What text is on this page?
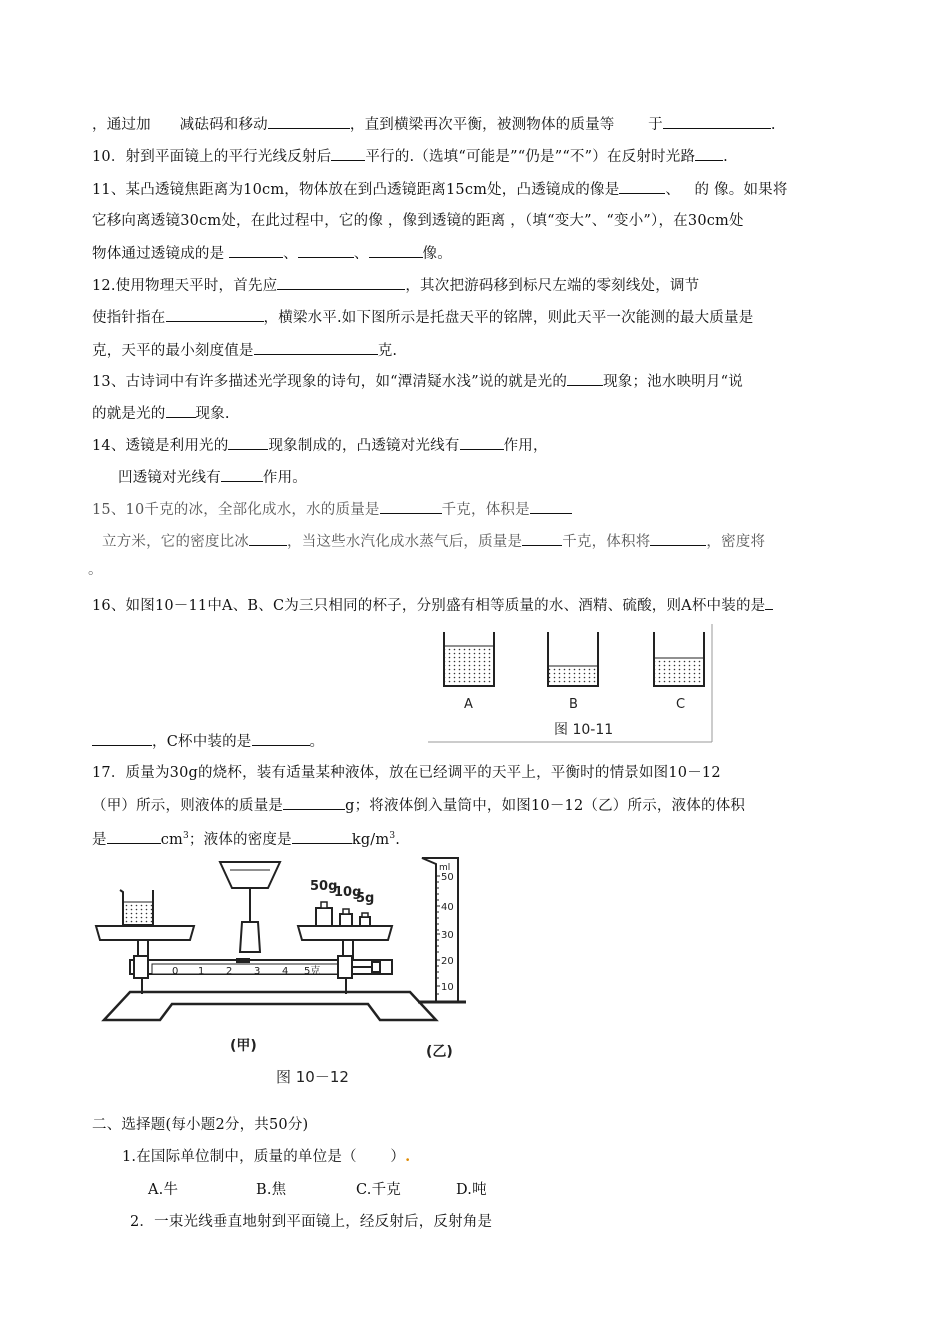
，通过加 减砝码和移动	，直到横梁再次平衡，被测物体的质量等 于	.
10．射到平面镜上的平行光线反射后 平行的.（选填“可能是”“仍是”“不”）在反射时光路 .
11、某凸透镜焦距离为10cm，物体放在到凸透镜距离15cm处，凸透镜成的像是	、 的 像。如果将
它移向离透镜30cm处，在此过程中，它的像 ，像到透镜的距离 ，（填“变大”、“变小”），在30cm处
物体通过透镜成的是	、	、	像。
12.使用物理天平时，首先应	，其次把游码移到标尺左端的零刻线处，调节
使指针指在	，横梁水平.如下图所示是托盘天平的铭牌，则此天平一次能测的最大质量是
克，天平的最小刻度值是	克.
13、古诗词中有许多描述光学现象的诗句，如“潭清疑水浅”说的就是光的 现象；池水映明月“说
的就是光的 现象.
14、透镜是利用光的	现象制成的，凸透镜对光线有	作用，
凹透镜对光线有	作用。
15、10千克的冰，全部化成水，水的质量是	千克，体积是
立方米，它的密度比冰	，当这些水汽化成水蒸气后，质量是	千克，体积将	，密度将
。
16、如图10－11中A、B、C为三只相同的杯子，分别盛有相等质量的水、酒精、硫酸，则A杯中装的是
A	B	C
图 10-11
，C杯中装的是	。
17．质量为30g的烧杯，装有适量某种液体，放在已经调平的天平上，平衡时的情景如图10－12
（甲）所示，则液体的质量是	g；将液体倒入量筒中，如图10－12（乙）所示，液体的体积
是	$cm^3$；液体的密度是	$kg/m^3$.
50g
10g
5g
0 1 2 3 4 5克
(甲)
ml
50
40
30
20
10
(乙)
图 10－12
二、选择题(每小题2分，共50分)
1.在国际单位制中，质量的单位是（ ）.
A.牛	B.焦	C.千克	D.吨
2．一束光线垂直地射到平面镜上，经反射后，反射角是
